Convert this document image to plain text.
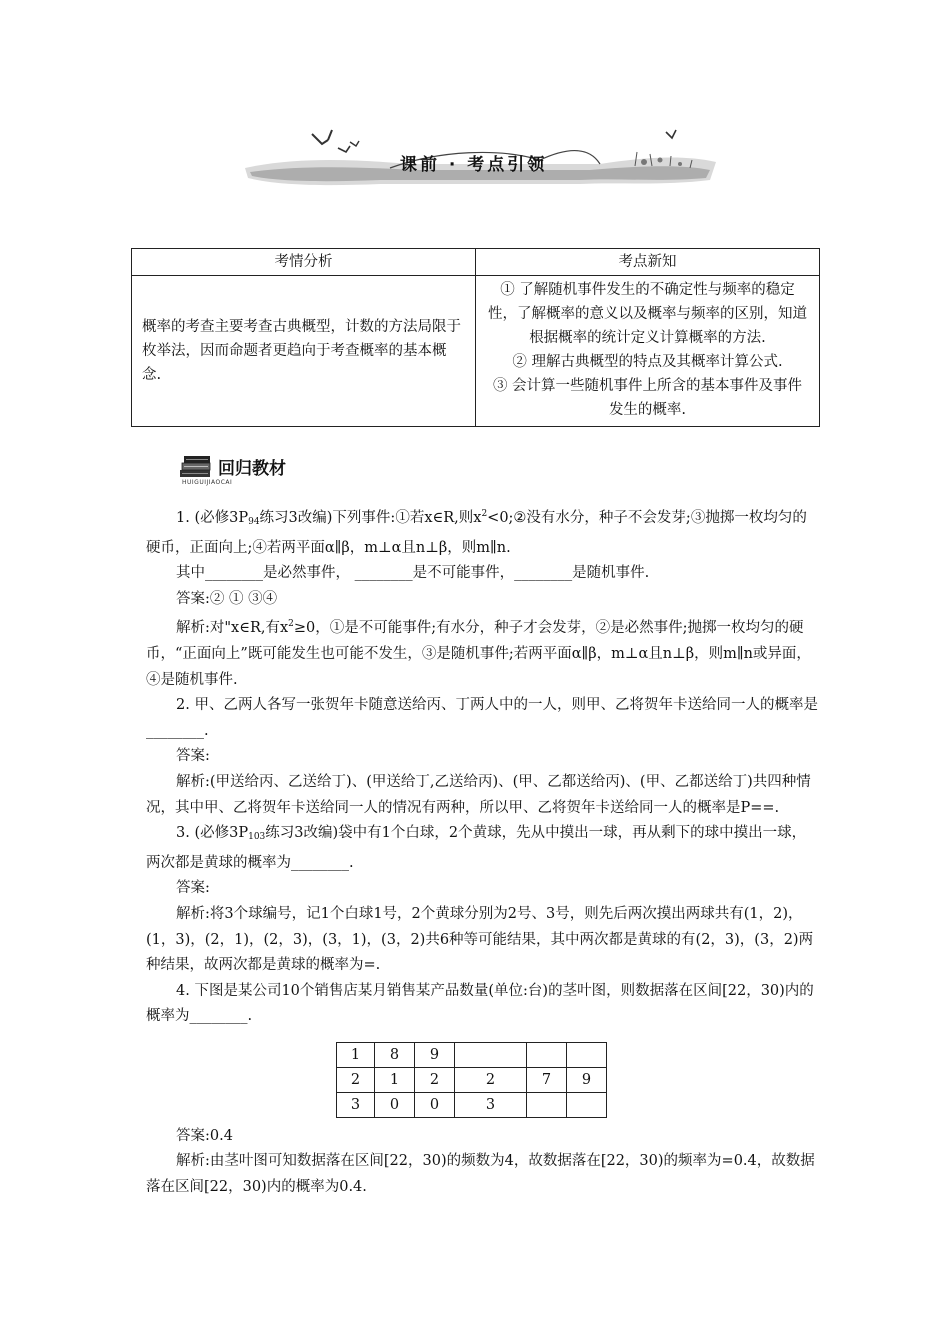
课前 · 考点引领
考情分析	考点新知
概率的考查主要考查古典概型，计数的方法局限于枚举法，因而命题者更趋向于考查概率的基本概念.	① 了解随机事件发生的不确定性与频率的稳定性，了解概率的意义以及概率与频率的区别，知道根据概率的统计定义计算概率的方法.
② 理解古典概型的特点及其概率计算公式.
③ 会计算一些随机事件上所含的基本事件及事件发生的概率.
回归教材
HUIGUIJIAOCAI

1. (必修3P94练习3改编)下列事件:①若x∈R,则$x^2<0;②$没有水分，种子不会发芽;③抛掷一枚均匀的硬币，正面向上;④若两平面α∥β，m⊥α且n⊥β，则m∥n.

其中________是必然事件， ________是不可能事件，________是随机事件.

答案:② ① ③④

解析:对"x∈R,有$x^2\ge 0$，①是不可能事件;有水分，种子才会发芽，②是必然事件;抛掷一枚均匀的硬币，“正面向上”既可能发生也可能不发生，③是随机事件;若两平面α∥β，m⊥α且n⊥β，则m∥n或异面，④是随机事件.

2. 甲、乙两人各写一张贺年卡随意送给丙、丁两人中的一人，则甲、乙将贺年卡送给同一人的概率是________.

答案:

解析:(甲送给丙、乙送给丁)、(甲送给丁,乙送给丙)、(甲、乙都送给丙)、(甲、乙都送给丁)共四种情况，其中甲、乙将贺年卡送给同一人的情况有两种，所以甲、乙将贺年卡送给同一人的概率是P==.

3. (必修3P103练习3改编)袋中有1个白球，2个黄球，先从中摸出一球，再从剩下的球中摸出一球，两次都是黄球的概率为________.

答案:

解析:将3个球编号，记1个白球1号，2个黄球分别为2号、3号，则先后两次摸出两球共有(1，2)，(1，3)，(2，1)，(2，3)，(3，1)，(3，2)共6种等可能结果，其中两次都是黄球的有(2，3)，(3，2)两种结果，故两次都是黄球的概率为=.

4. 下图是某公司10个销售店某月销售某产品数量(单位:台)的茎叶图，则数据落在区间[22，30)内的概率为________.

1	8	9			
2	1	2	2	7	9
3	0	0	3		

答案:0.4

解析:由茎叶图可知数据落在区间[22，30)的频数为4，故数据落在[22，30)的频率为=0.4，故数据落在区间[22，30)内的概率为0.4.
